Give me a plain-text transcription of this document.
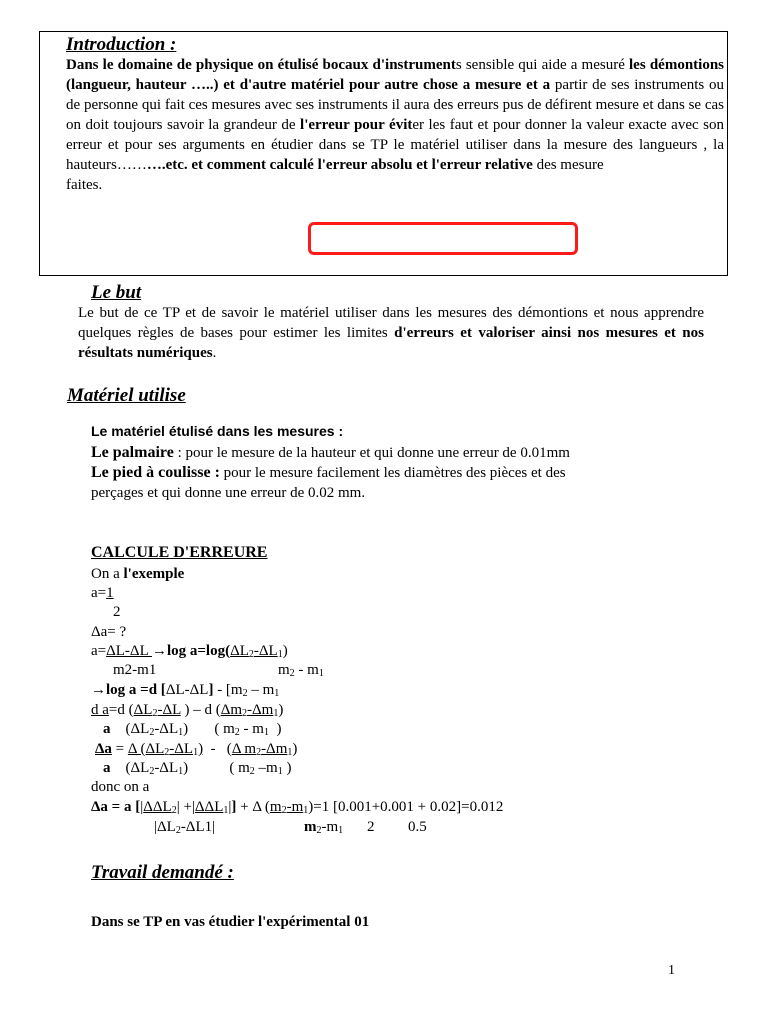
Introduction :
Dans le domaine de physique on étulisé bocaux d'instruments sensible qui aide a mesuré les démontions (langueur, hauteur …..) et d'autre matériel pour autre chose a mesure et a partir de ses instruments ou de personne qui fait ces mesures avec ses instruments il aura des erreurs pus de défirent mesure et dans se cas on doit toujours savoir la grandeur de l'erreur pour éviter les faut et pour donner la valeur exacte avec son erreur et pour ses arguments en étudier dans se TP le matériel utiliser dans la mesure des langueurs , la hauteurs……….etc. et comment calculé l'erreur absolu et l'erreur relative des mesure
faites.
Le but
Le but de ce TP et de savoir le matériel utiliser dans les mesures des démontions et nous apprendre quelques règles de bases pour estimer les limites d'erreurs et valoriser ainsi nos mesures et nos résultats numériques.
Matériel utilise
Le matériel étulisé dans les mesures :
Le palmaire : pour le mesure de la hauteur et qui donne une erreur de 0.01mm
Le pied à coulisse : pour le mesure facilement les diamètres des pièces et des
perçages et qui donne une erreur de 0.02 mm.
CALCULE D'ERREURE
On a l'exemple
a=1
2
Δa= ?
a=ΔL-ΔL →log $a=\log(\Delta L_2-\Delta L_1)$
m2-m1	$m_2 - m_1$
→log a =d $[\Delta L-\Delta L] - [m_2 - m_1$
d a=d ($\Delta L_2-\Delta L$ ) – d $(\Delta m_2-\Delta m_1)$
a    $(\Delta L_2-\Delta L_1)$       ( $m_2 - m_1$  )
Δa = Δ $(\Delta L_2-\Delta L_1) - (\Delta$ $m_2-\Delta m_1$)
a    $(\Delta L_2-\Delta L_1)$           ( $m_2$ $-m_1$ )
donc on a
Δa = a $[|\Delta\Delta L_2| +|\Delta\Delta L_1|] + \Delta$ $(m_2-m_1)=1$ [0.001+0.001 + 0.02]=0.012
$|\Delta L_2-\Delta L1|$	$m_2-m_1$ 2 0.5
Travail demandé :
Dans se TP en vas étudier l'expérimental 01
1
